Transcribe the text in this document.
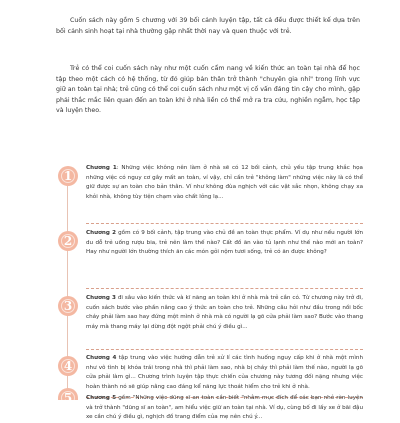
Cuốn sách này gồm 5 chương với 39 bối cảnh luyện tập, tất cả đều được thiết kế dựa trên bối cảnh sinh hoạt tại nhà thường gặp nhất thời nay và quen thuộc với trẻ.

Trẻ có thể coi cuốn sách này như một cuốn cẩm nang về kiến thức an toàn tại nhà để học tập theo một cách có hệ thống, từ đó giúp bản thân trở thành "chuyên gia nhí" trong lĩnh vực giữ an toàn tại nhà; trẻ cũng có thể coi cuốn sách như một vị cố vấn đáng tin cậy cho mình, gặp phải thắc mắc liên quan đến an toàn khi ở nhà liền có thể mở ra tra cứu, nghiền ngẫm, học tập và luyện theo.

1
Chương 1: Những việc không nên làm ở nhà sẽ có 12 bối cảnh, chủ yếu tập trung khắc họa những việc có nguy cơ gây mất an toàn, ví vậy, chỉ cần trẻ "không làm" những việc này là có thể giữ được sự an toàn cho bản thân. Ví như không đùa nghịch với các vật sắc nhọn, không chạy xa khỏi nhà, không tùy tiện chạm vào chất lỏng lạ...
2
Chương 2 gồm có 9 bối cảnh, tập trung vào chủ đề an toàn thực phẩm. Ví dụ như nếu người lớn du dỗ trẻ uống rượu bia, trẻ nên làm thế nào? Cất đồ ăn vào tủ lạnh như thế nào mới an toàn? Hay như người lớn thường thích ăn các món gỏi nộm tươi sống, trẻ có ăn được không?
3
Chương 3 đi sâu vào kiến thức và kĩ năng an toàn khi ở nhà mà trẻ cần có. Từ chương này trở đi, cuốn sách bước vào phần nâng cao ý thức an toàn cho trẻ. Những câu hỏi như đầu trong nồi bốc cháy phải làm sao hay đứng một mình ở nhà mà có người lạ gõ cửa phải làm sao? Bước vào thang máy mà thang máy lại dừng đột ngột phải chú ý điều gì...
4
Chương 4 tập trung vào việc hướng dẫn trẻ xử lí các tình huống nguy cấp khi ở nhà một mình như vô tình bị khóa trái trong nhà thì phải làm sao, nhà bị cháy thì phải làm thế nào, người lạ gõ cửa phải làm gì... Chương trình luyện tập thực chiến của chương này tương đối nặng nhưng việc hoàn thành nó sẽ giúp nâng cao đáng kể năng lực thoát hiểm cho trẻ khi ở nhà.
5	Chương 5 gồm "Những việc dũng sĩ an toàn cần biết "nhằm mục đích để các bạn nhỏ rèn luyện và trở thành "dũng sĩ an toàn", am hiểu việc giữ an toàn tại nhà. Ví dụ, cùng bố đi lấy xe ở bãi đậu xe cần chú ý điều gì, nghịch đồ trang điểm của mẹ nên chú ý...
